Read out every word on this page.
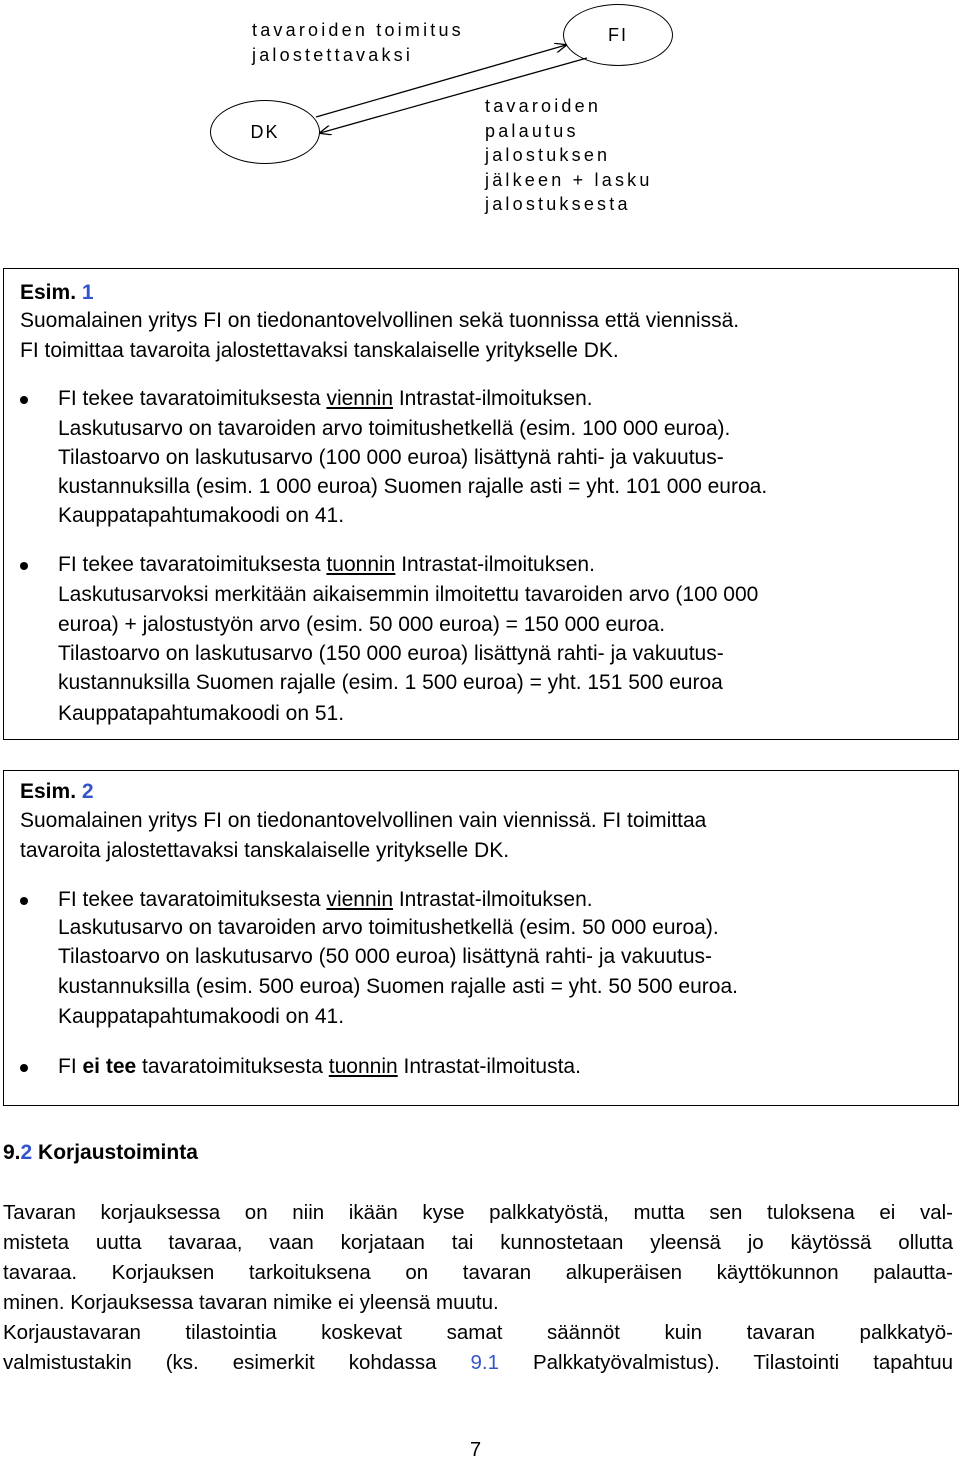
tavaroiden toimitus
jalostettavaksi
FI
DK
tavaroiden
palautus
jalostuksen
jälkeen + lasku
jalostuksesta
Esim. 1
Suomalainen yritys FI on tiedonantovelvollinen sekä tuonnissa että viennissä.
FI toimittaa tavaroita jalostettavaksi tanskalaiselle yritykselle DK.
FI tekee tavaratoimituksesta viennin Intrastat-ilmoituksen.
Laskutusarvo on tavaroiden arvo toimitushetkellä (esim. 100 000 euroa).
Tilastoarvo on laskutusarvo (100 000 euroa) lisättynä rahti- ja vakuutus-
kustannuksilla (esim. 1 000 euroa) Suomen rajalle asti = yht. 101 000 euroa.
Kauppatapahtumakoodi on 41.
FI tekee tavaratoimituksesta tuonnin Intrastat-ilmoituksen.
Laskutusarvoksi merkitään aikaisemmin ilmoitettu tavaroiden arvo (100 000
euroa) + jalostustyön arvo (esim. 50 000 euroa) = 150 000 euroa.
Tilastoarvo on laskutusarvo (150 000 euroa) lisättynä rahti- ja vakuutus-
kustannuksilla Suomen rajalle (esim. 1 500 euroa) = yht. 151 500 euroa
Kauppatapahtumakoodi on 51.
Esim. 2
Suomalainen yritys FI on tiedonantovelvollinen vain viennissä. FI toimittaa
tavaroita jalostettavaksi tanskalaiselle yritykselle DK.
FI tekee tavaratoimituksesta viennin Intrastat-ilmoituksen.
Laskutusarvo on tavaroiden arvo toimitushetkellä (esim. 50 000 euroa).
Tilastoarvo on laskutusarvo (50 000 euroa) lisättynä rahti- ja vakuutus-
kustannuksilla (esim. 500 euroa) Suomen rajalle asti = yht. 50 500 euroa.
Kauppatapahtumakoodi on 41.
FI ei tee tavaratoimituksesta tuonnin Intrastat-ilmoitusta.
9.2 Korjaustoiminta
Tavaran korjauksessa on niin ikään kyse palkkatyöstä, mutta sen tuloksena ei val-
misteta uutta tavaraa, vaan korjataan tai kunnostetaan yleensä jo käytössä ollutta
tavaraa. Korjauksen tarkoituksena on tavaran alkuperäisen käyttökunnon palautta-
minen. Korjauksessa tavaran nimike ei yleensä muutu.
Korjaustavaran tilastointia koskevat samat säännöt kuin tavaran palkkatyö-
valmistustakin (ks. esimerkit kohdassa 9.1 Palkkatyövalmistus). Tilastointi tapahtuu
7
